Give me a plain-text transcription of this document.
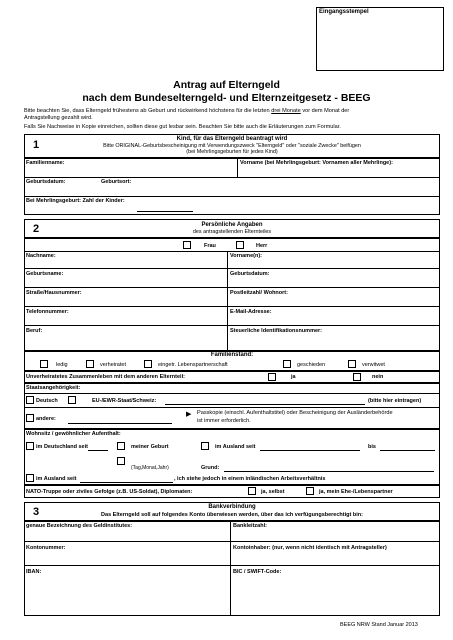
Eingangsstempel
Antrag auf Elterngeld
nach dem Bundeselterngeld- und Elternzeitgesetz - BEEG
Bitte beachten Sie, dass Elterngeld frühestens ab Geburt und rückwirkend höchstens für die letzten drei Monate vor dem Monat der
Antragstellung gezahlt wird.
Falls Sie Nachweise in Kopie einreichen, sollten diese gut lesbar sein. Beachten Sie bitte auch die Erläuterungen zum Formular.
1	Kind, für das Elterngeld beantragt wird
Bitte ORIGINAL-Geburtsbescheinigung mit Verwendungszweck "Elterngeld" oder "soziale Zwecke" beifügen
(bei Mehrlingsgeburten für jedes Kind)
Familienname:	Vorname (bei Mehrlingsgeburt: Vornamen aller Mehrlinge):
Geburtsdatum:	Geburtsort:
Bei Mehrlingsgeburt: Zahl der Kinder:
2	Persönliche Angaben
des antragstellenden Elternteiles
Frau	Herr
Nachname:	Vorname(n):
Geburtsname:	Geburtsdatum:
Straße/Hausnummer:	Postleitzahl/ Wohnort:
Telefonnummer:	E-Mail-Adresse:
Beruf:	Steuerliche Identifikationsnummer:
Familienstand:
ledig	verheiratet	eingetr. Lebenspartnerschaft	geschieden	verwitwet
Unverheiratetes Zusammenleben mit dem anderen Elternteil:	ja	nein
Staatsangehörigkeit:
Deutsch	EU-/EWR-Staat/Schweiz:	(bitte hier eintragen)
andere:
▶ Passkopie (einschl. Aufenthaltstitel) oder Bescheinigung der Ausländerbehörde
ist immer erforderlich.
Wohnsitz / gewöhnlicher Aufenthalt:
im Deutschland seit	meiner Geburt	im Ausland seit	bis
(Tag,Monat,Jahr)	Grund:
im Ausland seit	, ich stehe jedoch in einem inländischen Arbeitsverhältnis
NATO-Truppe oder ziviles Gefolge (z.B. US-Soldat), Diplomaten:	ja, selbst	ja, mein Ehe-/Lebenspartner
3	Bankverbindung
Das Elterngeld soll auf folgendes Konto überwiesen werden, über das ich verfügungsberechtigt bin:
genaue Bezeichnung des Geldinstitutes:	Bankleitzahl:
Kontonummer:	Kontoinhaber: (nur, wenn nicht identisch mit Antragsteller)
IBAN:	BIC / SWIFT-Code:
BEEG NRW Stand Januar 2013
